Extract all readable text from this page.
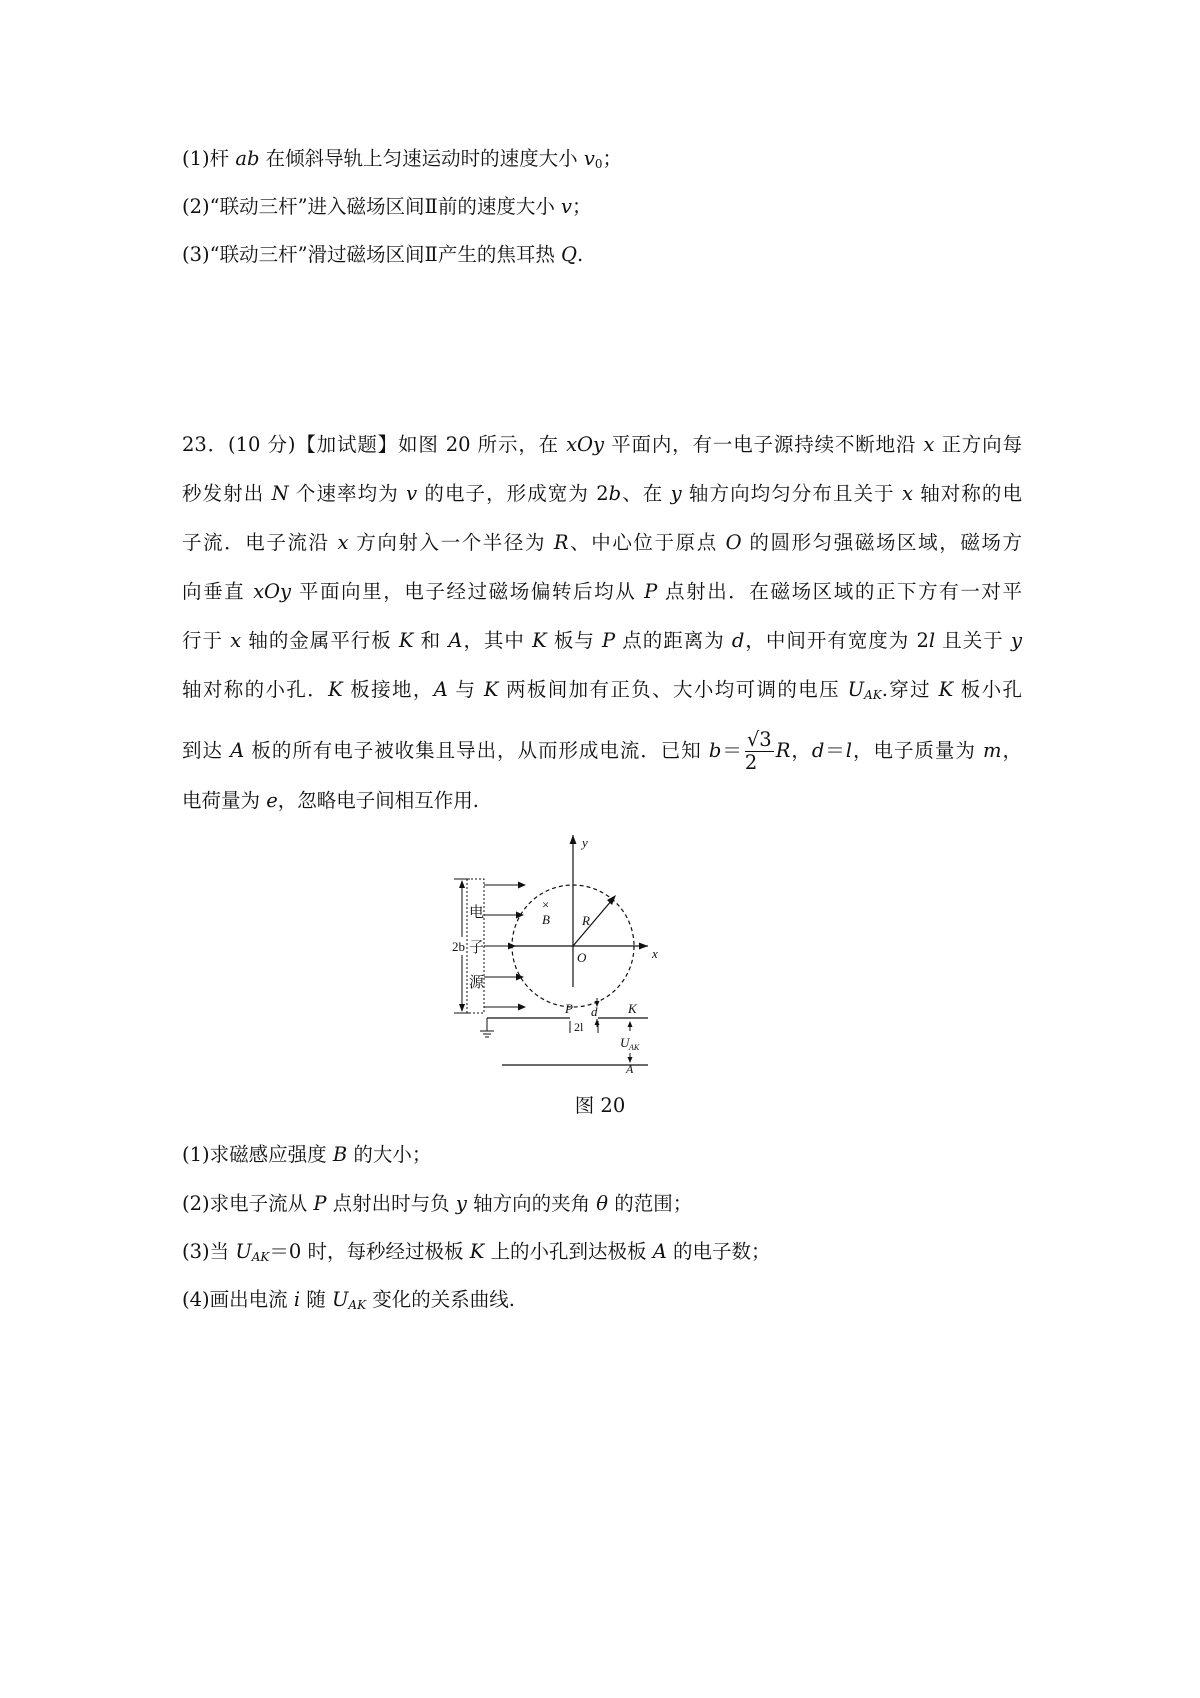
(1)杆 ab 在倾斜导轨上匀速运动时的速度大小 $v_0$；
(2)“联动三杆”进入磁场区间Ⅱ前的速度大小 v；
(3)“联动三杆”滑过磁场区间Ⅱ产生的焦耳热 Q.
23．(10 分)【加试题】如图 20 所示，在 xOy 平面内，有一电子源持续不断地沿 x 正方向每
秒发射出 N 个速率均为 v 的电子，形成宽为 2b、在 y 轴方向均匀分布且关于 x 轴对称的电
子流．电子流沿 x 方向射入一个半径为 R、中心位于原点 O 的圆形匀强磁场区域，磁场方
向垂直 xOy 平面向里，电子经过磁场偏转后均从 P 点射出．在磁场区域的正下方有一对平
行于 x 轴的金属平行板 K 和 A，其中 K 板与 P 点的距离为 d，中间开有宽度为 2l 且关于 y
轴对称的小孔．K 板接地，A 与 K 两板间加有正负、大小均可调的电压 $U_{AK}$.穿过 K 板小孔
到达 A 板的所有电子被收集且导出，从而形成电流．已知 $b= \frac{√3}{2}$ R，d＝l，电子质量为 m，
电荷量为 e，忽略电子间相互作用.
y
x
O
R
×
B
电
子
源
P	K
d
2l
U AK
A
2b
图 20
(1)求磁感应强度 B 的大小；
(2)求电子流从 P 点射出时与负 y 轴方向的夹角 θ 的范围；
(3)当 $U_{AK}=0$ 时，每秒经过极板 K 上的小孔到达极板 A 的电子数；
(4)画出电流 i 随 $U_{AK}$ 变化的关系曲线.
